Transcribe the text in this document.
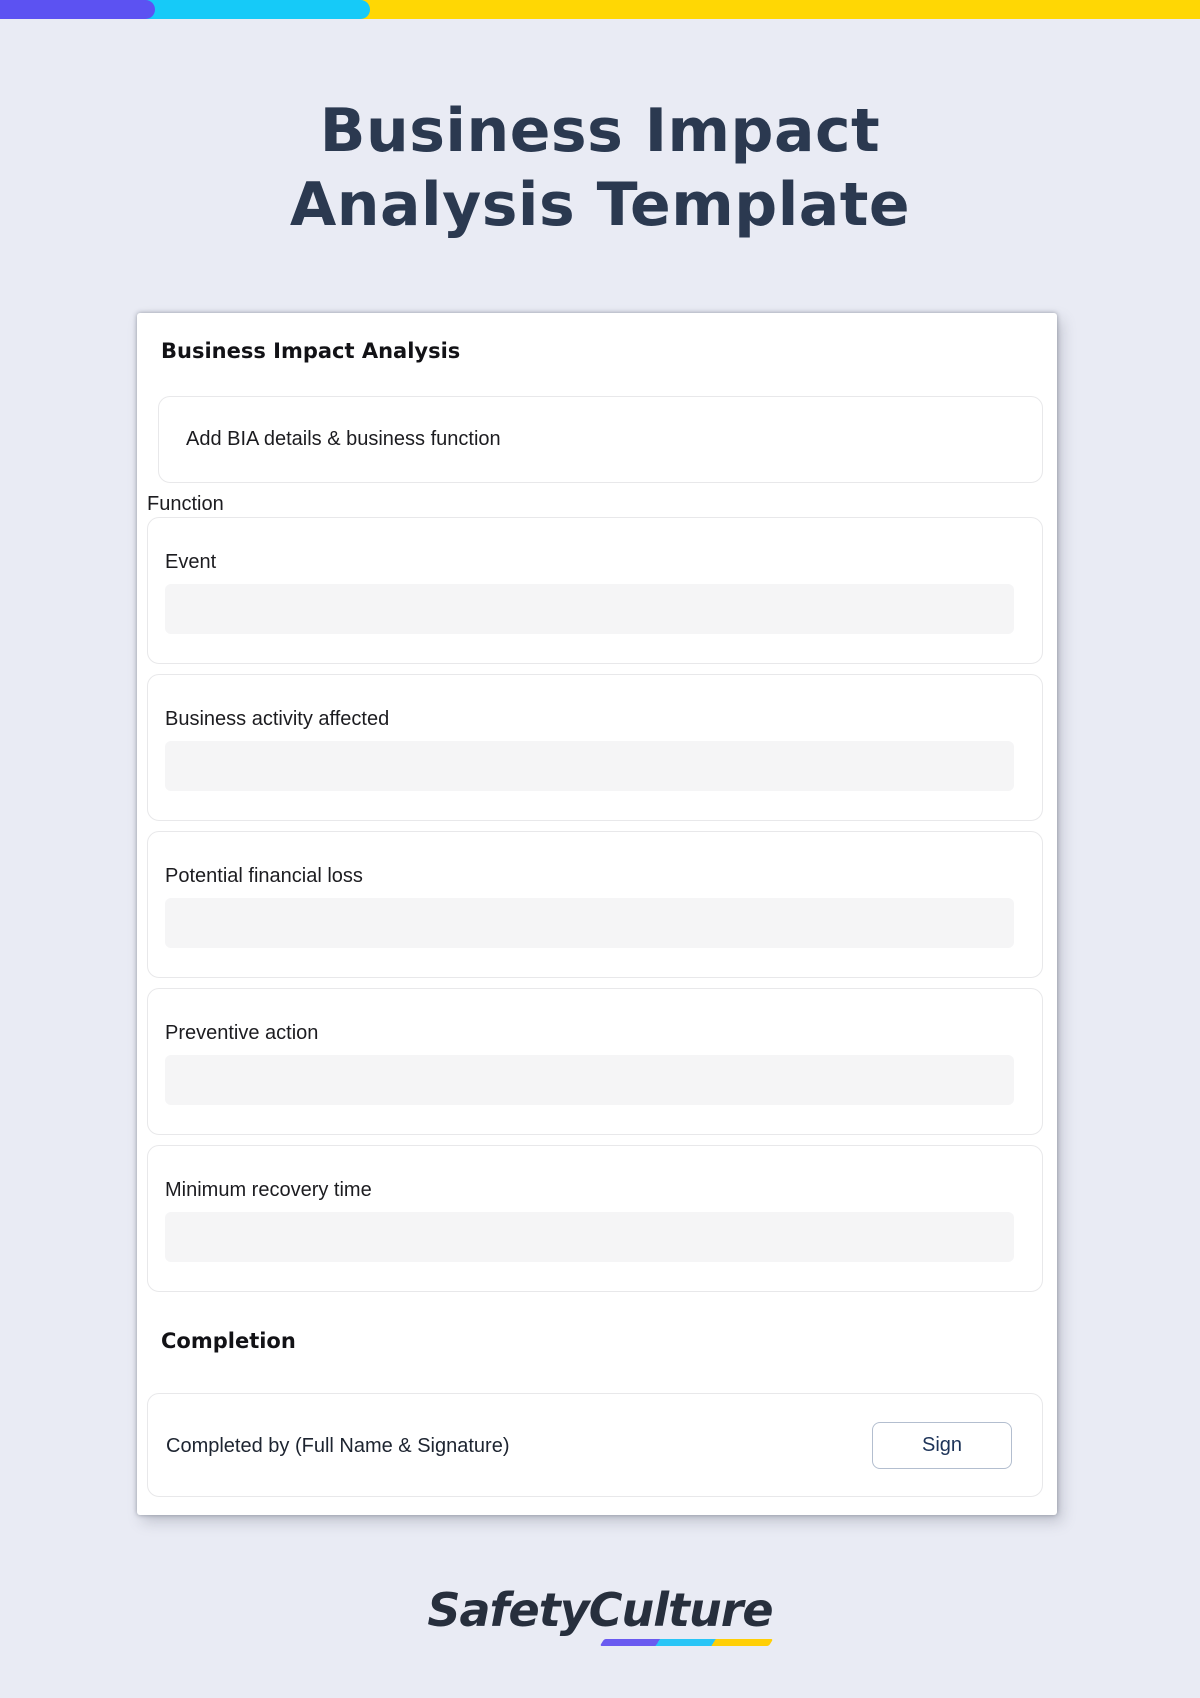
Business Impact
Analysis Template
Business Impact Analysis
Add BIA details & business function
Function
Event
Business activity affected
Potential financial loss
Preventive action
Minimum recovery time
Completion
Completed by (Full Name & Signature)	Sign
SafetyCulture
